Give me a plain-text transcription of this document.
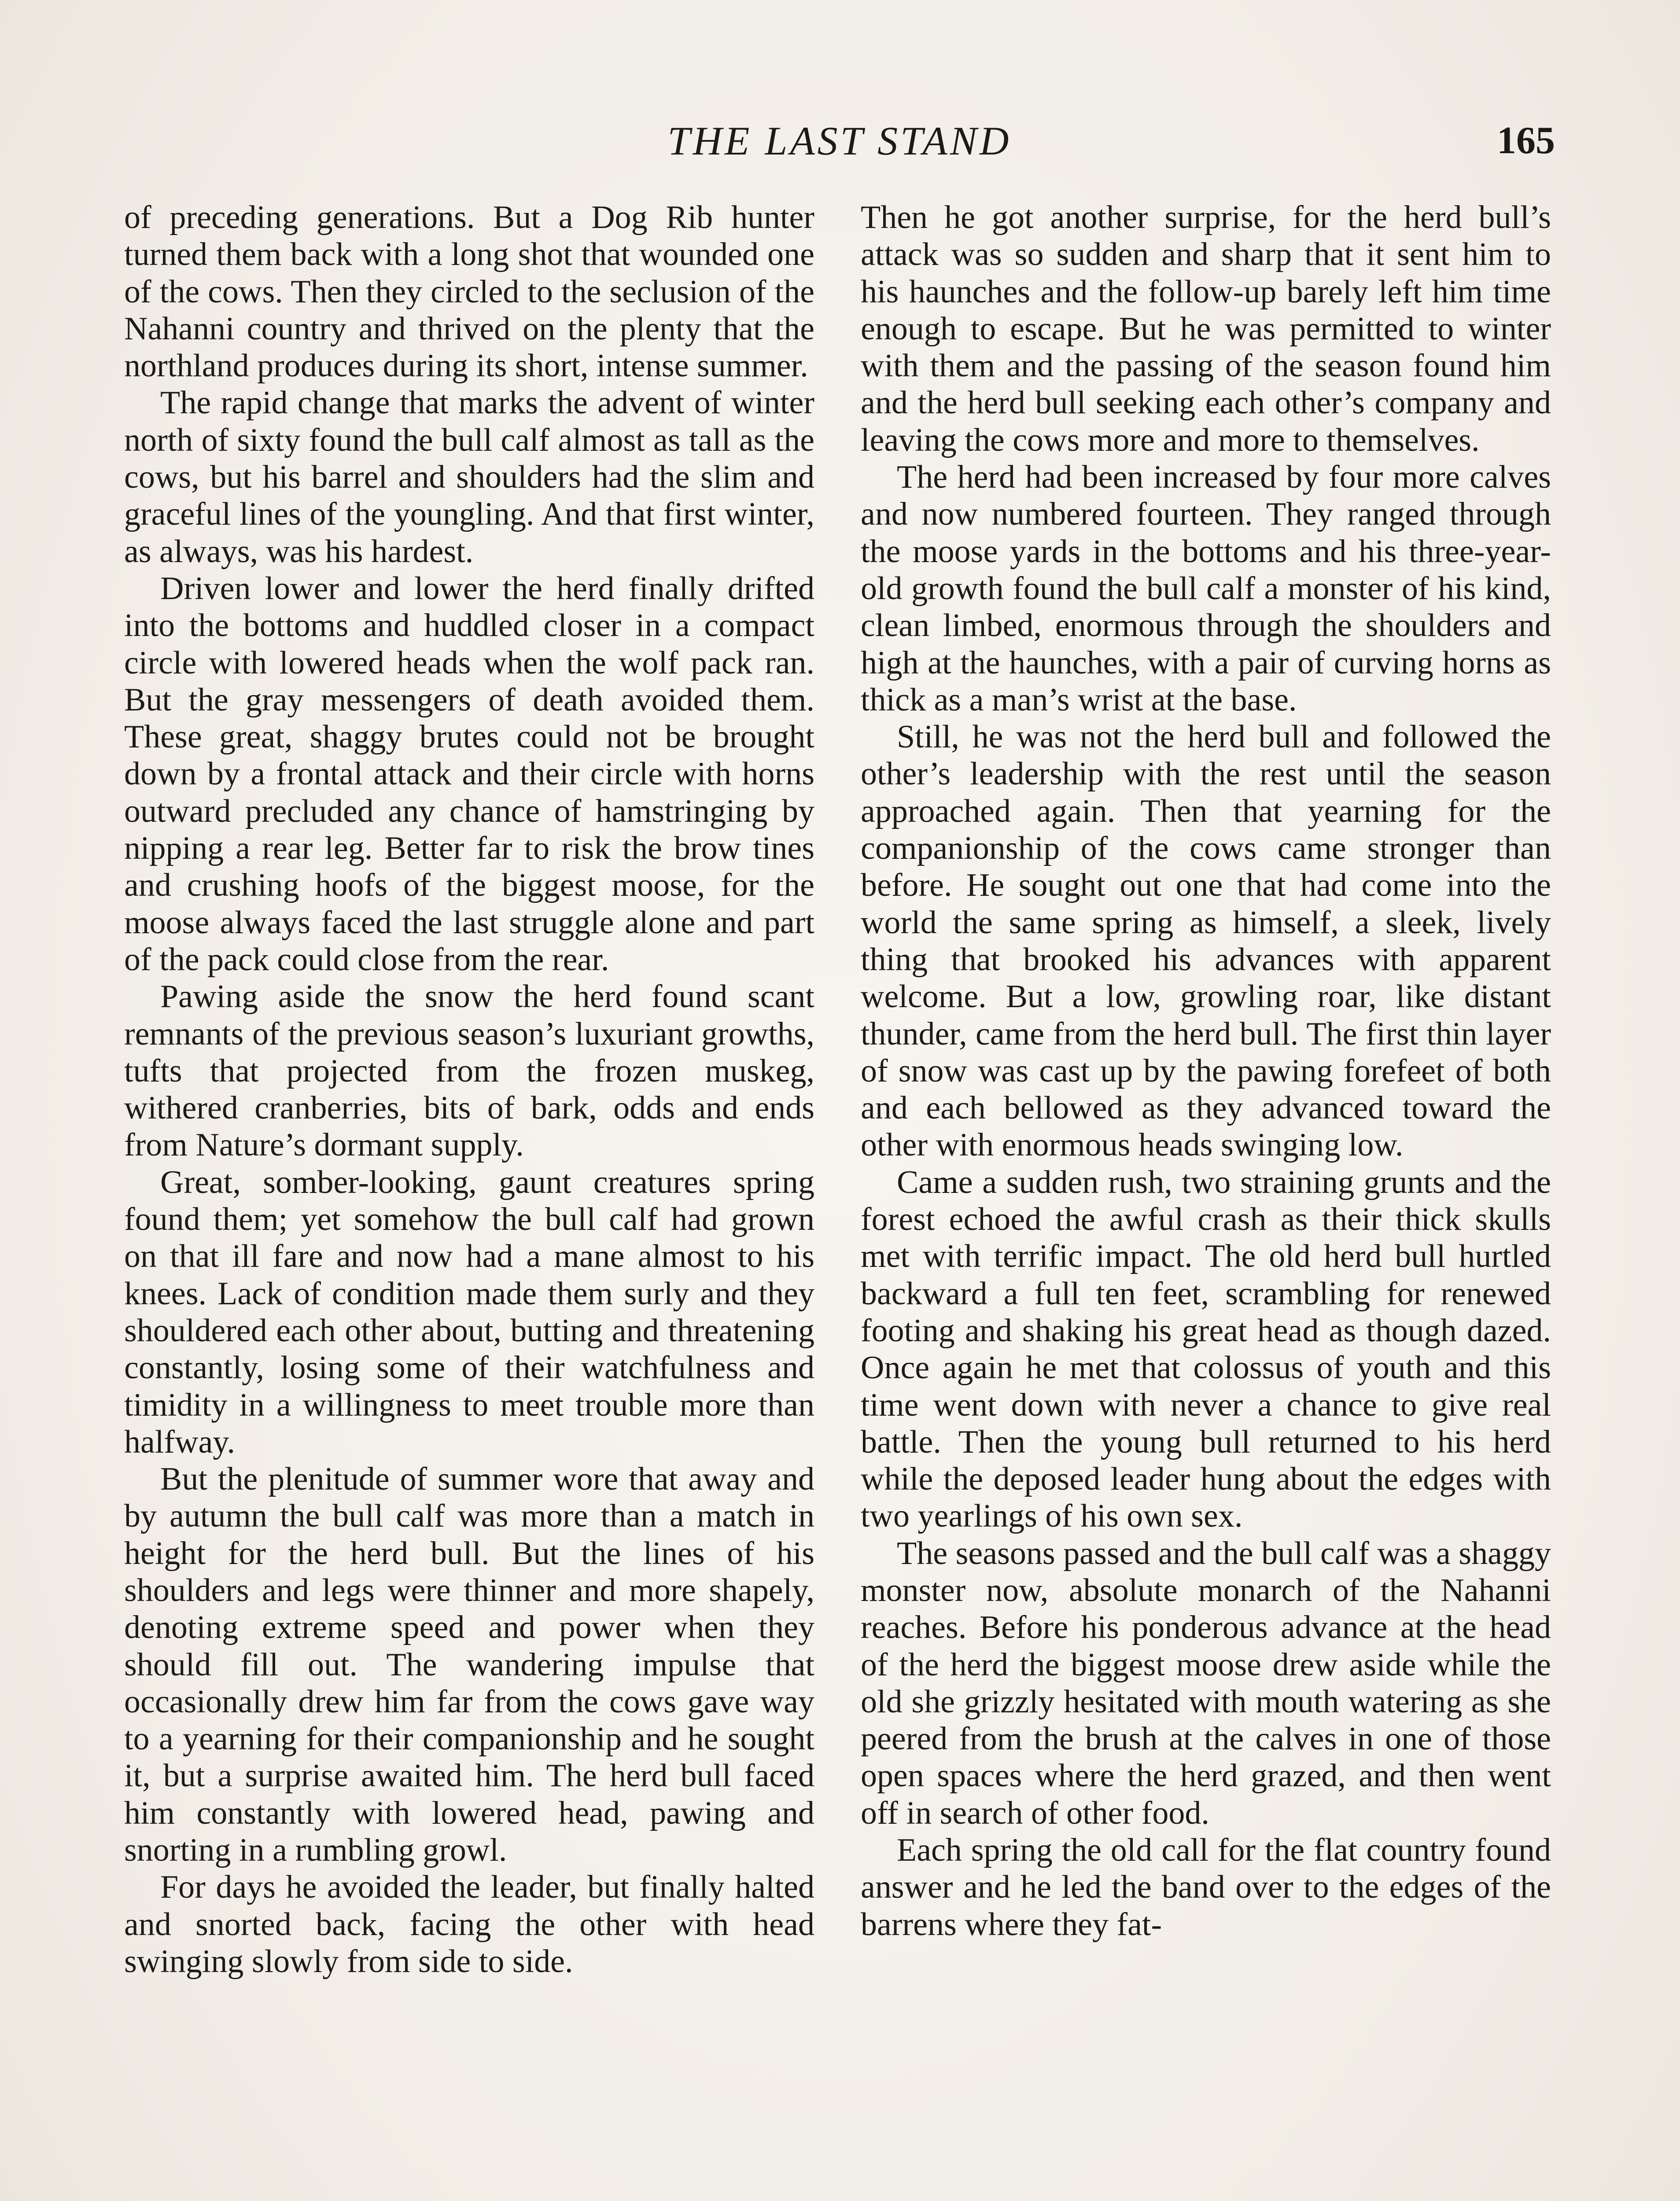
THE LAST STAND	165

of preceding generations. But a Dog Rib hunter turned them back with a long shot that wounded one of the cows. Then they circled to the seclusion of the Nahanni country and thrived on the plenty that the northland produces during its short, intense summer.

The rapid change that marks the advent of winter north of sixty found the bull calf almost as tall as the cows, but his barrel and shoulders had the slim and graceful lines of the youngling. And that first winter, as always, was his hardest.

Driven lower and lower the herd finally drifted into the bottoms and huddled closer in a compact circle with lowered heads when the wolf pack ran. But the gray messengers of death avoided them. These great, shaggy brutes could not be brought down by a frontal attack and their circle with horns outward precluded any chance of hamstringing by nipping a rear leg. Better far to risk the brow tines and crushing hoofs of the biggest moose, for the moose always faced the last struggle alone and part of the pack could close from the rear.

Pawing aside the snow the herd found scant remnants of the previous season’s luxuriant growths, tufts that projected from the frozen muskeg, withered cranberries, bits of bark, odds and ends from Nature’s dormant supply.

Great, somber-looking, gaunt creatures spring found them; yet somehow the bull calf had grown on that ill fare and now had a mane almost to his knees. Lack of condition made them surly and they shouldered each other about, butting and threatening constantly, losing some of their watchfulness and timidity in a willingness to meet trouble more than halfway.

But the plenitude of summer wore that away and by autumn the bull calf was more than a match in height for the herd bull. But the lines of his shoulders and legs were thinner and more shapely, denoting extreme speed and power when they should fill out. The wandering impulse that occasionally drew him far from the cows gave way to a yearning for their companionship and he sought it, but a surprise awaited him. The herd bull faced him constantly with lowered head, pawing and snorting in a rumbling growl.

For days he avoided the leader, but finally halted and snorted back, facing the other with head swinging slowly from side to side.

Then he got another surprise, for the herd bull’s attack was so sudden and sharp that it sent him to his haunches and the follow-up barely left him time enough to escape. But he was permitted to winter with them and the passing of the season found him and the herd bull seeking each other’s company and leaving the cows more and more to themselves.

The herd had been increased by four more calves and now numbered fourteen. They ranged through the moose yards in the bottoms and his three-year-old growth found the bull calf a monster of his kind, clean limbed, enormous through the shoulders and high at the haunches, with a pair of curving horns as thick as a man’s wrist at the base.

Still, he was not the herd bull and followed the other’s leadership with the rest until the season approached again. Then that yearning for the companionship of the cows came stronger than before. He sought out one that had come into the world the same spring as himself, a sleek, lively thing that brooked his advances with apparent welcome. But a low, growling roar, like distant thunder, came from the herd bull. The first thin layer of snow was cast up by the pawing forefeet of both and each bellowed as they advanced toward the other with enormous heads swinging low.

Came a sudden rush, two straining grunts and the forest echoed the awful crash as their thick skulls met with terrific impact. The old herd bull hurtled backward a full ten feet, scrambling for renewed footing and shaking his great head as though dazed. Once again he met that colossus of youth and this time went down with never a chance to give real battle. Then the young bull returned to his herd while the deposed leader hung about the edges with two yearlings of his own sex.

The seasons passed and the bull calf was a shaggy monster now, absolute monarch of the Nahanni reaches. Before his ponderous advance at the head of the herd the biggest moose drew aside while the old she grizzly hesitated with mouth watering as she peered from the brush at the calves in one of those open spaces where the herd grazed, and then went off in search of other food.

Each spring the old call for the flat country found answer and he led the band over to the edges of the barrens where they fat-
